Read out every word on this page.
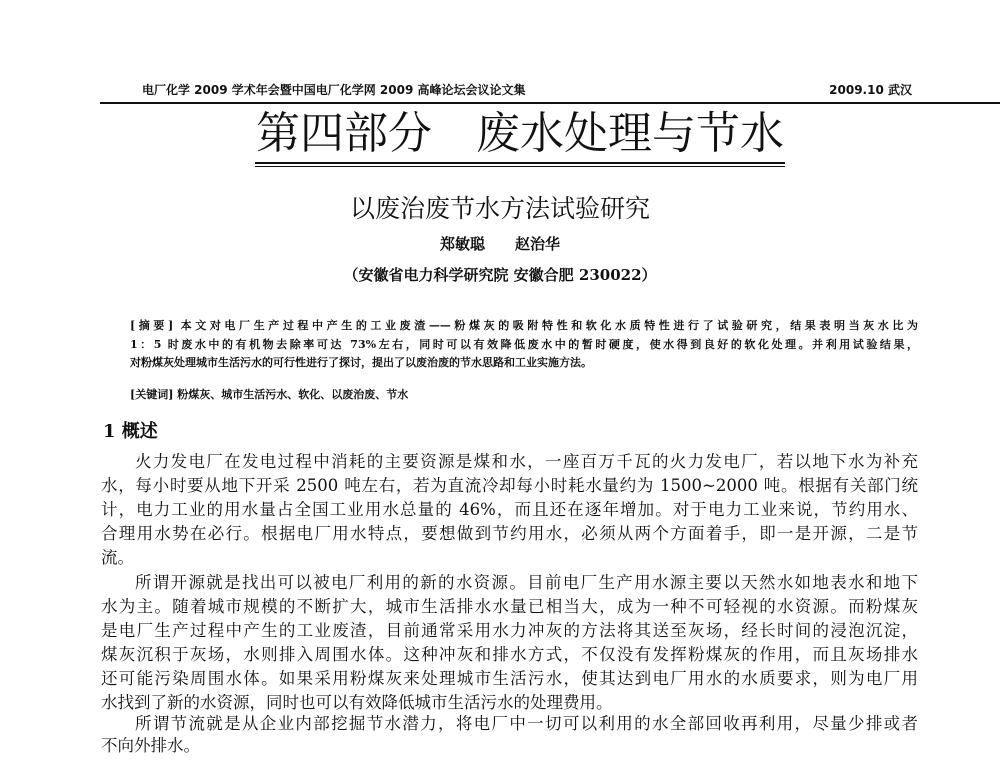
电厂化学 2009 学术年会暨中国电厂化学网 2009 高峰论坛会议论文集	2009.10 武汉
第四部分　废水处理与节水
以废治废节水方法试验研究
郑敏聪　　赵治华
（安徽省电力科学研究院 安徽合肥 230022）
[摘要] 本文对电厂生产过程中产生的工业废渣——粉煤灰的吸附特性和软化水质特性进行了试验研究，结果表明当灰水比为
1：5 时废水中的有机物去除率可达 73%左右，同时可以有效降低废水中的暂时硬度，使水得到良好的软化处理。并利用试验结果，
对粉煤灰处理城市生活污水的可行性进行了探讨，提出了以废治废的节水思路和工业实施方法。
[关键词] 粉煤灰、城市生活污水、软化、以废治废、节水
1 概述
火力发电厂在发电过程中消耗的主要资源是煤和水，一座百万千瓦的火力发电厂，若以地下水为补充
水，每小时要从地下开采 2500 吨左右，若为直流冷却每小时耗水量约为 1500~2000 吨。根据有关部门统
计，电力工业的用水量占全国工业用水总量的 46%，而且还在逐年增加。对于电力工业来说，节约用水、
合理用水势在必行。根据电厂用水特点，要想做到节约用水，必须从两个方面着手，即一是开源，二是节
流。
所谓开源就是找出可以被电厂利用的新的水资源。目前电厂生产用水源主要以天然水如地表水和地下
水为主。随着城市规模的不断扩大，城市生活排水水量已相当大，成为一种不可轻视的水资源。而粉煤灰
是电厂生产过程中产生的工业废渣，目前通常采用水力冲灰的方法将其送至灰场，经长时间的浸泡沉淀，
煤灰沉积于灰场，水则排入周围水体。这种冲灰和排水方式，不仅没有发挥粉煤灰的作用，而且灰场排水
还可能污染周围水体。如果采用粉煤灰来处理城市生活污水，使其达到电厂用水的水质要求，则为电厂用
水找到了新的水资源，同时也可以有效降低城市生活污水的处理费用。
所谓节流就是从企业内部挖掘节水潜力，将电厂中一切可以利用的水全部回收再利用，尽量少排或者
不向外排水。
